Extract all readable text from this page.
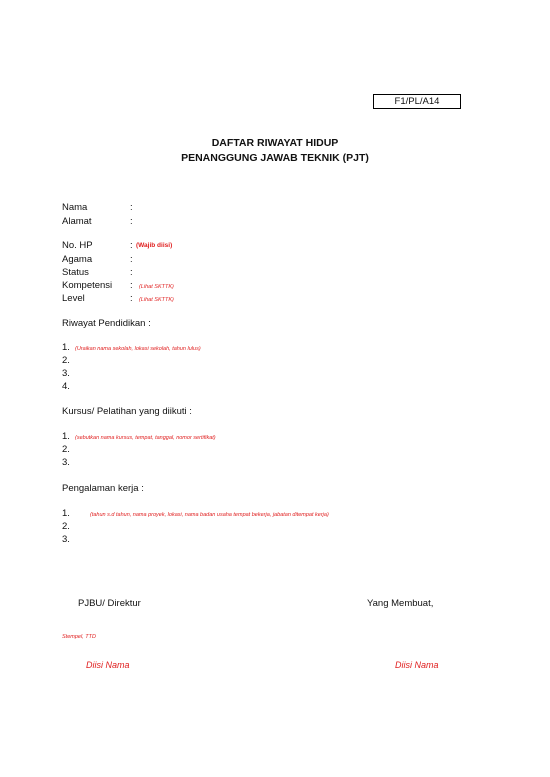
F1/PL/A14
DAFTAR RIWAYAT HIDUP
PENANGGUNG JAWAB TEKNIK (PJT)
Nama	:
Alamat	:
No. HP	: (Wajib diisi)
Agama	:
Status	:
Kompetensi : (Lihat SKTTK)
Level	: (Lihat SKTTK)
Riwayat Pendidikan :
1. (Uraikan nama sekolah, lokasi sekolah, tahun lulus)
2.
3.
4.
Kursus/ Pelatihan yang diikuti :
1. (sebutkan nama kursus, tempat, tanggal, nomor sertifikat)
2.
3.
Pengalaman kerja :
1.	(tahun s.d tahun, nama proyek, lokasi, nama badan usaha tempat bekerja, jabatan ditempat kerja)
2.
3.
PJBU/ Direktur	Yang Membuat,
Stempel, TTD
Diisi Nama	Diisi Nama
